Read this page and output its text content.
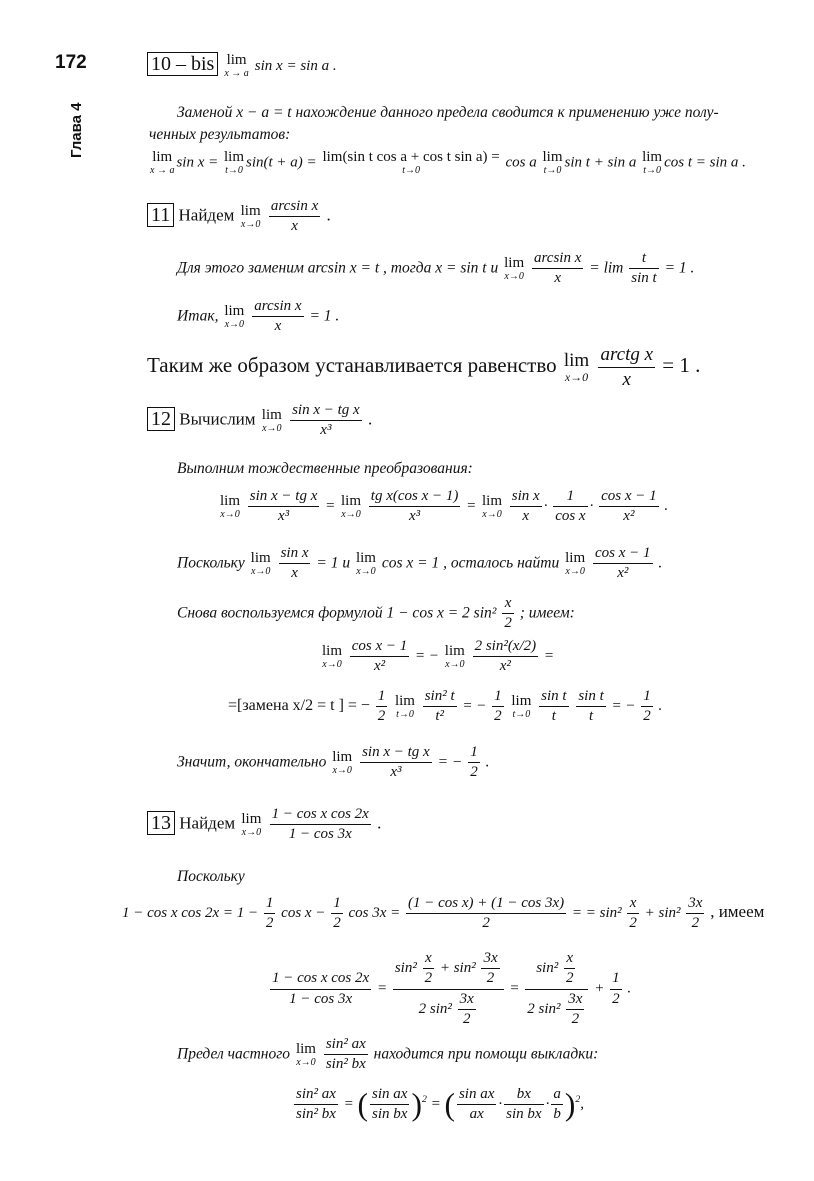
172
Глава 4
10 – bis lim
x → a sin x = sin a .
Заменой x − a = t нахождение данного предела сводится к применению уже полу-
ченных результатов:
lim
x → a
sin x = lim
t→0
sin(t + a) = lim(sin t cos a + cos t sin a) =
t→0
cos a lim
t→0
sin t + sin a lim
t→0
cos t = sin a .
11 Найдем lim
x→0
$\frac{\text{arcsin x}}{x}$ .
Для этого заменим arcsin x = t , тогда x = sin t и lim
x→0
$\frac{\text{arcsin x}}{x} = \lim \frac{t}{\text{sin t}} = 1$ .
Итак, lim
x→0
$\frac{\text{arcsin x}}{x} = 1$ .
Таким же образом устанавливается равенство lim
x→0
$\frac{\text{arctg x}}{x} = 1$ .
12 Вычислим lim
x→0
$\frac{\text{sin x − tg x}}{\text{x³}}$ .
Выполним тождественные преобразования:
lim
x→0
$\frac{\text{sin x − tg x}}{\text{x³}} = \lim$
x→0
$\frac{\text{tg x(cos x − 1)}}{\text{x³}} = \lim$
x→0
$\frac{\text{sin x}}{x} \cdot \frac{1}{\text{cos x}} \cdot \frac{\text{cos x − 1}}{\text{x²}}$ .
Поскольку lim
x→0
$\frac{\text{sin x}}{x} = 1$ и lim
x→0 cos x = 1 , осталось найти lim
x→0
$\frac{\text{cos x − 1}}{\text{x²}}$ .
Снова воспользуемся формулой 1 − cos x = 2 $\sin^2 \frac{x}{2}$ ; имеем:
lim
x→0
$\frac{\text{cos x − 1}}{\text{x²}}$ = − lim
x→0
$\frac{\text{2 sin²(x/2)}}{\text{x²}}$ =
=[замена x/2 = t ] = − $\frac{1}{2}$
lim
t→0
$\frac{\text{sin² t}}{\text{t²}}$ = − $\frac{1}{2}$
lim
t→0
$\frac{\text{sin t}}{t}$
$\frac{\text{sin t}}{t}$ = − $\frac{1}{2}$ .
Значит, окончательно lim
x→0
$\frac{\text{sin x − tg x}}{\text{x³}}$ = − $\frac{1}{2}$ .
13 Найдем lim
x→0
$\frac{\text{1 − cos x cos 2x}}{1 - \cos 3x}$ .
Поскольку
1 − cos x $\cos 2x = 1 - \frac{1}{2}$ $\cos x - \frac{1}{2}$ $\cos 3x = \frac{\text{(1 − cos x) + (1 − cos 3x)}}{2}$ = = $\sin^2 \frac{x}{2} + \sin^2 \frac{3x}{2}$ , имеем
$\frac{\text{1 − cos x cos 2x}}{1 - \cos 3x} = \frac{\sin^2 \frac{x}{2} + \sin^2 \frac{3x}{2}}{2 \sin^2 \frac{3x}{2}} = \frac{\sin^2 \frac{x}{2}}{2 \sin^2 \frac{3x}{2}} + \frac{1}{2}$ .
Предел частного lim
x→0
$\frac{\text{sin² ax}}{\text{sin² bx}}$ находится при помощи выкладки:
$\frac{\text{sin² ax}}{\text{sin² bx}}$ = ( $\frac{\text{sin ax}}{\text{sin bx}} )^2$ = ( $\frac{\text{sin ax}}{ax} \cdot \frac{bx}{\text{sin bx}} \cdot \frac{a}{b} )^2$,
